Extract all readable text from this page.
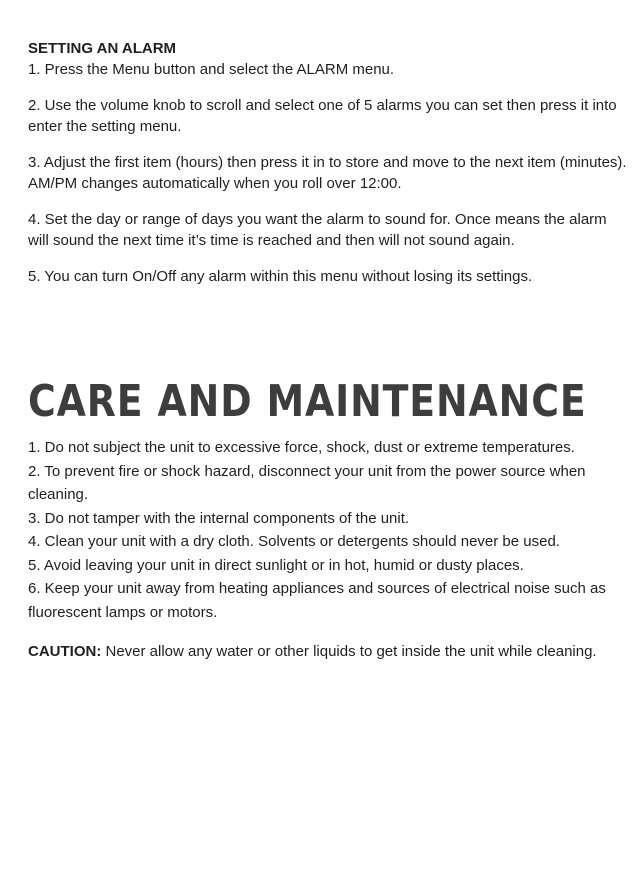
SETTING AN ALARM

1. Press the Menu button and select the ALARM menu.

2. Use the volume knob to scroll and select one of 5 alarms you can set then press it into enter the setting menu.

3. Adjust the first item (hours) then press it in to store and move to the next item (minutes). AM/PM changes automatically when you roll over 12:00.

4. Set the day or range of days you want the alarm to sound for. Once means the alarm will sound the next time it’s time is reached and then will not sound again.

5. You can turn On/Off any alarm within this menu without losing its settings.

CARE AND MAINTENANCE

1. Do not subject the unit to excessive force, shock, dust or extreme temperatures.

2. To prevent fire or shock hazard, disconnect your unit from the power source when cleaning.

3. Do not tamper with the internal components of the unit.

4. Clean your unit with a dry cloth. Solvents or detergents should never be used.

5. Avoid leaving your unit in direct sunlight or in hot, humid or dusty places.

6. Keep your unit away from heating appliances and sources of electrical noise such as fluorescent lamps or motors.

CAUTION: Never allow any water or other liquids to get inside the unit while cleaning.
